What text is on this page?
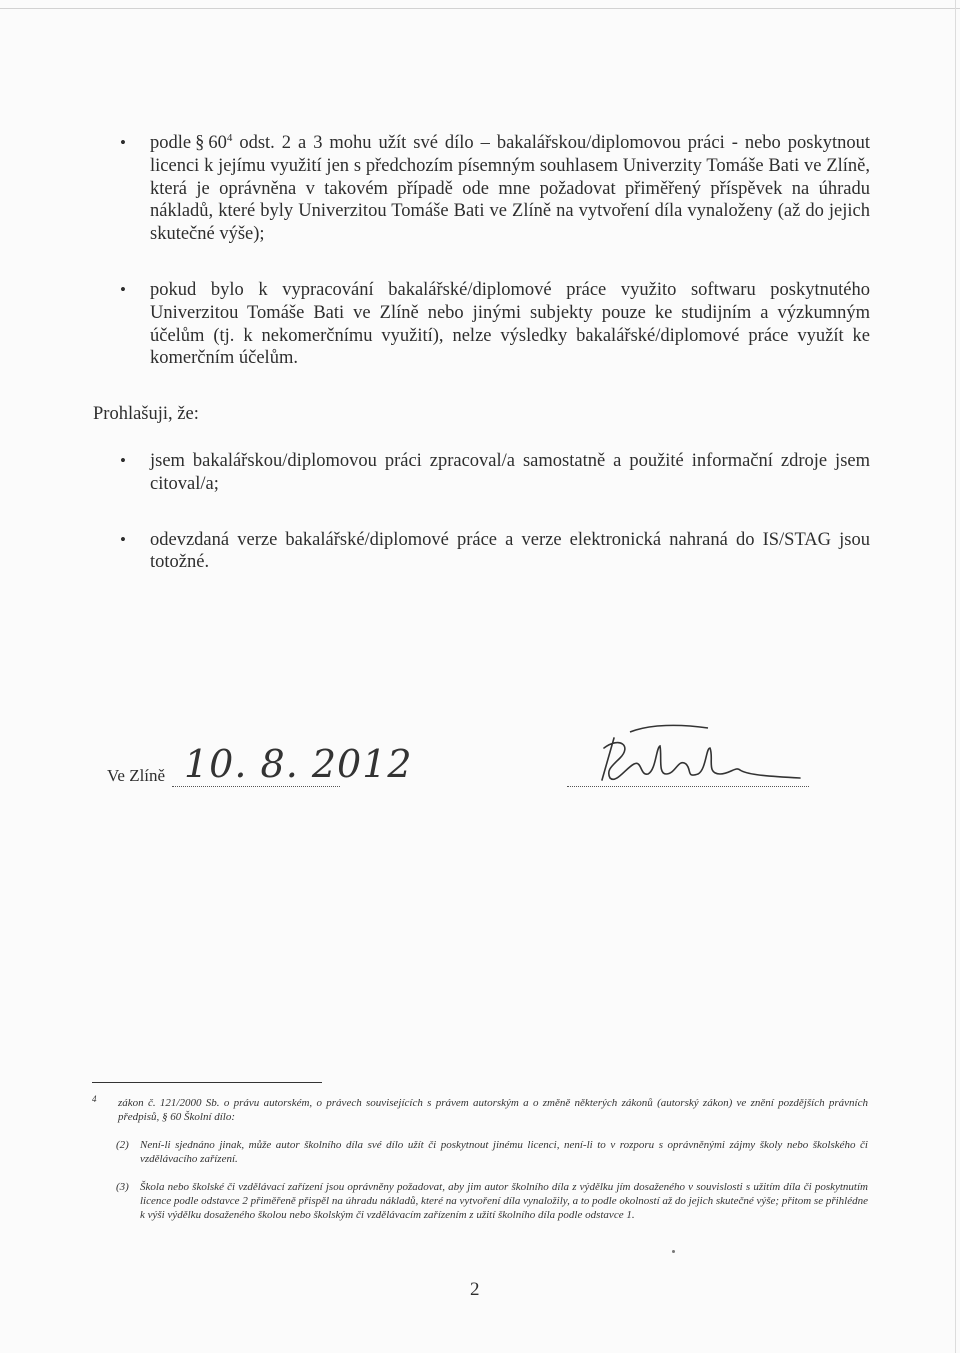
• podle § $60^4$ odst. 2 a 3 mohu užít své dílo – bakalářskou/diplomovou práci - nebo poskytnout licenci k jejímu využití jen s předchozím písemným souhlasem Univerzity Tomáše Bati ve Zlíně, která je oprávněna v takovém případě ode mne požadovat přiměřený příspěvek na úhradu nákladů, které byly Univerzitou Tomáše Bati ve Zlíně na vytvoření díla vynaloženy (až do jejich skutečné výše);
• pokud bylo k vypracování bakalářské/diplomové práce využito softwaru poskytnutého Univerzitou Tomáše Bati ve Zlíně nebo jinými subjekty pouze ke studijním a výzkumným účelům (tj. k nekomerčnímu využití), nelze výsledky bakalářské/diplomové práce využít ke komerčním účelům.

Prohlašuji, že:

• jsem bakalářskou/diplomovou práci zpracoval/a samostatně a použité informační zdroje jsem citoval/a;
• odevzdaná verze bakalářské/diplomové práce a verze elektronická nahraná do IS/STAG jsou totožné.
Ve Zlíně 10. 8. 2012
4 zákon č. 121/2000 Sb. o právu autorském, o právech souvisejících s právem autorským a o změně některých zákonů (autorský zákon) ve znění pozdějších právních předpisů, § 60 Školní dílo:
(2) Není-li sjednáno jinak, může autor školního díla své dílo užít či poskytnout jinému licenci, není-li to v rozporu s oprávněnými zájmy školy nebo školského či vzdělávacího zařízení.
(3) Škola nebo školské či vzdělávací zařízení jsou oprávněny požadovat, aby jim autor školního díla z výdělku jím dosaženého v souvislosti s užitím díla či poskytnutím licence podle odstavce 2 přiměřeně přispěl na úhradu nákladů, které na vytvoření díla vynaložily, a to podle okolností až do jejich skutečné výše; přitom se přihlédne k výši výdělku dosaženého školou nebo školským či vzdělávacím zařízením z užití školního díla podle odstavce 1.
2
